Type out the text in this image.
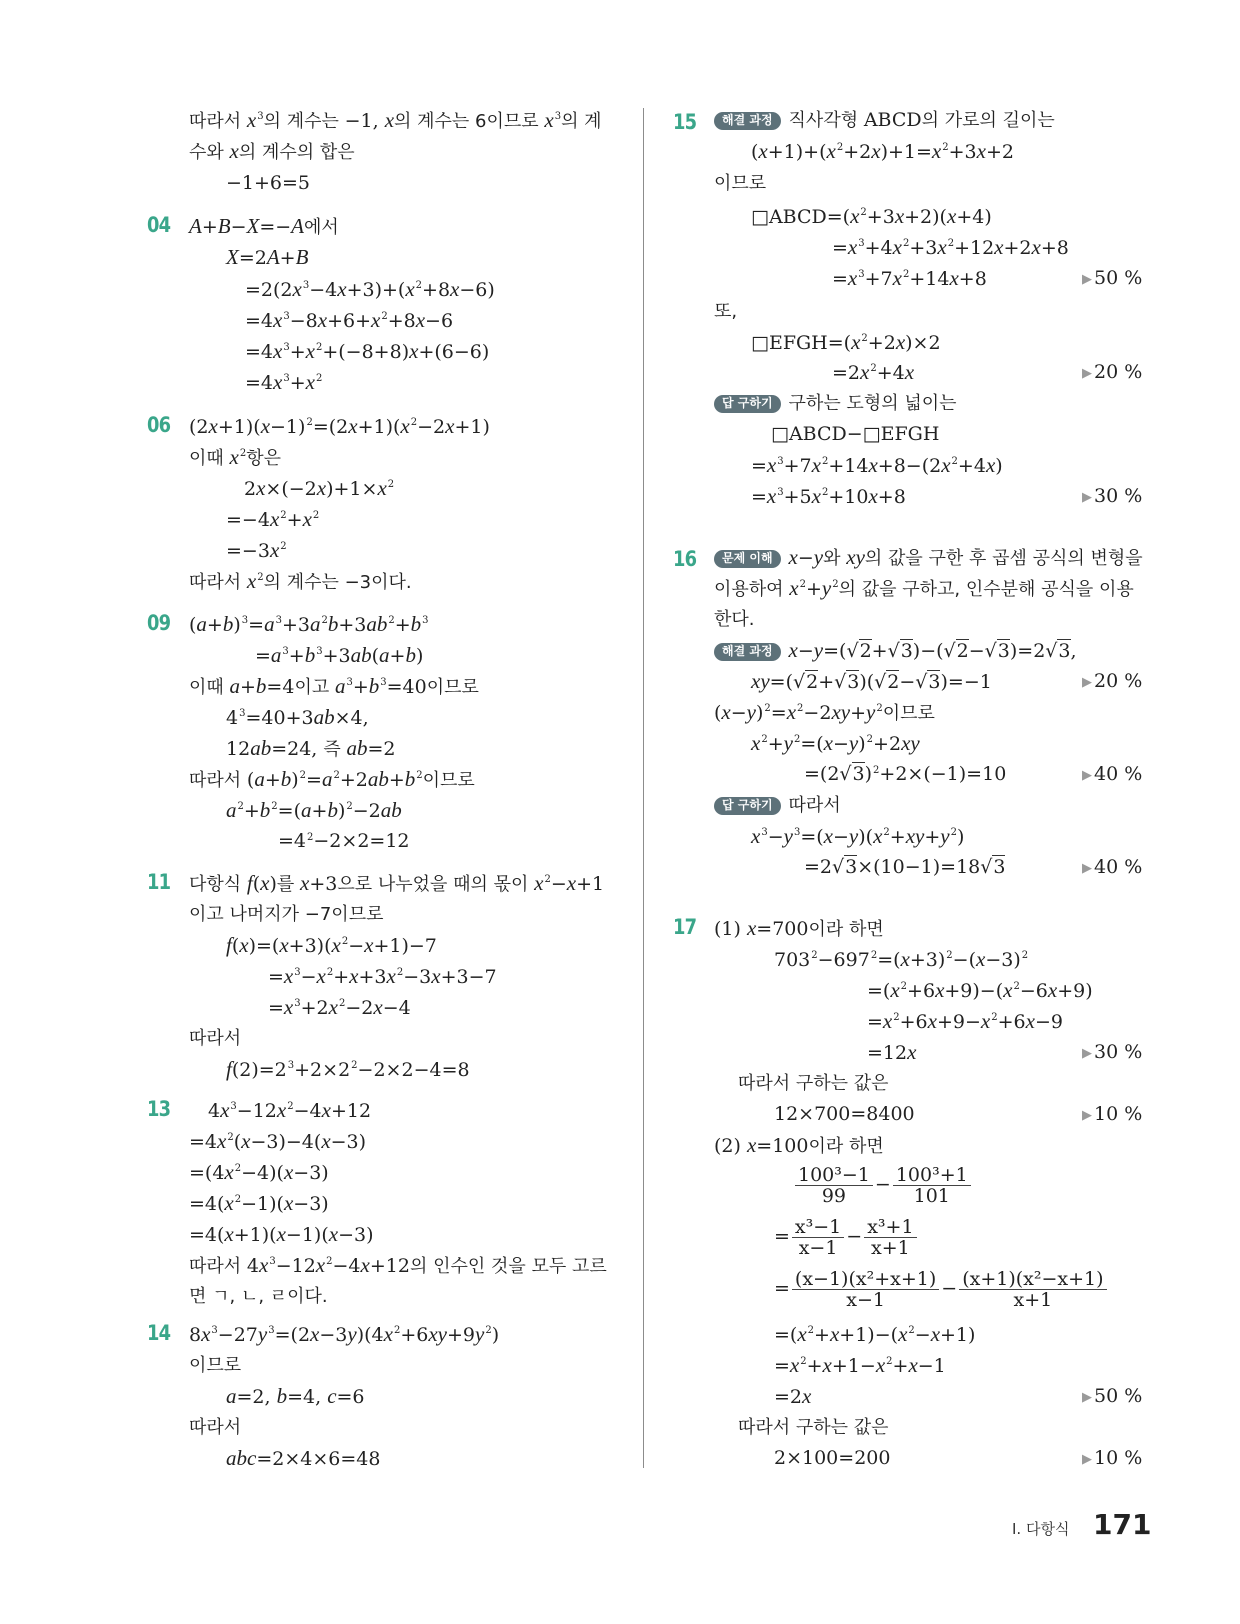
04
06
09
11
13
14
15
16
17
따라서 $x^3$의 계수는 −1, x의 계수는 6이므로 $x^3$의 계
수와 x의 계수의 합은
−1+6=5
A+B−X=−A에서
X=2A+B
$=2(2x^3-4x+3)+(x^2+8x-6)$
$=4x^3-8x+6+x^2+8x-6$
$=4x^3+x^2+(-8+8)x+(6-6)$
$=4x^3+x^2$
$(2x+1)(x-1)^2=(2x+1)(x^2-2x+1)$
이때 $x^2$항은
$2x\times(-2x)+1\times x^2$
$=-4x^2+x^2$
$=-3x^2$
따라서 $x^2$의 계수는 −3이다.
$(a+b)^3=a^3+3a^2b+3ab^2+b^3$
$=a^3+b^3+3ab(a+b)$
이때 a+b=4이고 $a^3+b^3=40$이므로
$4^3=40+3ab\times 4$,
12ab=24, 즉 ab=2
따라서 $(a+b)^2=a^2+2ab+b^2$이므로
$a^2+b^2=(a+b)^2-2ab$
$=4^2-2\times 2=12$
다항식 f(x)를 x+3으로 나누었을 때의 몫이 $x^2-x+1$
이고 나머지가 −7이므로
$f(x)=(x+3)(x^2-x+1)-7$
$=x^3-x^2+x+3x^2-3x+3-7$
$=x^3+2x^2-2x-4$
따라서
$f(2)=2^3+2\times 2^2-2\times 2-4=8$
$4x^3-12x^2-4x+12$
$=4x^2(x-3)-4(x-3)$
$=(4x^2-4)(x-3)$
$=4(x^2-1)(x-3)$
=4(x+1)(x−1)(x−3)
따라서 $4x^3-12x^2-4x+12$의 인수인 것을 모두 고르
면 ㄱ, ㄴ, ㄹ이다.
$8x^3-27y^3=(2x-3y)(4x^2+6xy+9y^2)$
이므로
a=2, b=4, c=6
따라서
abc=2×4×6=48
해결 과정 직사각형 ABCD의 가로의 길이는
$(x+1)+(x^2+2x)+1=x^2+3x+2$
이므로
$□ABCD=(x^2+3x+2)(x+4)$
$=x^3+4x^2+3x^2+12x+2x+8$
$=x^3+7x^2+14x+8$
또,
$□EFGH=(x^2+2x)\times 2$
$=2x^2+4x$
답 구하기 구하는 도형의 넓이는
□ABCD−□EFGH
$=x^3+7x^2+14x+8-(2x^2+4x)$
$=x^3+5x^2+10x+8$
문제 이해 x−y와 xy의 값을 구한 후 곱셈 공식의 변형을
이용하여 $x^2+y^2$의 값을 구하고, 인수분해 공식을 이용
한다.
해결 과정 x−y=(√2+√3)−(√2−√3)=2√3,
xy=(√2+√3)(√2−√3)=−1
$(x-y)^2=x^2-2xy+y^2$이므로
$x^2+y^2=(x-y)^2+2xy$
$=(2√3)^2+2\times(-1)=10$
답 구하기 따라서
$x^3-y^3=(x-y)(x^2+xy+y^2)$
=2√3×(10−1)=18√3
(1) x=700이라 하면
$703^2-697^2=(x+3)^2-(x-3)^2$
$=(x^2+6x+9)-(x^2-6x+9)$
$=x^2+6x+9-x^2+6x-9$
=12x
따라서 구하는 값은
12×700=8400
(2) x=100이라 하면
$\frac{\text{100³−1}}{99} - \frac{\text{100³+1}}{101}$
= $\frac{\text{x³−1}}{x-1} - \frac{\text{x³+1}}{x+1}$
= $\frac{\text{(x−1)(x²+x+1)}}{x-1} - \frac{\text{(x+1)(x²−x+1)}}{x+1}$
$=(x^2+x+1)-(x^2-x+1)$
$=x^2+x+1-x^2+x-1$
=2x
따라서 구하는 값은
2×100=200
▶ 50 %
▶ 20 %
▶ 30 %
▶ 20 %
▶ 40 %
▶ 40 %
▶ 30 %
▶ 10 %
▶ 50 %
▶ 10 %
Ⅰ. 다항식 171
